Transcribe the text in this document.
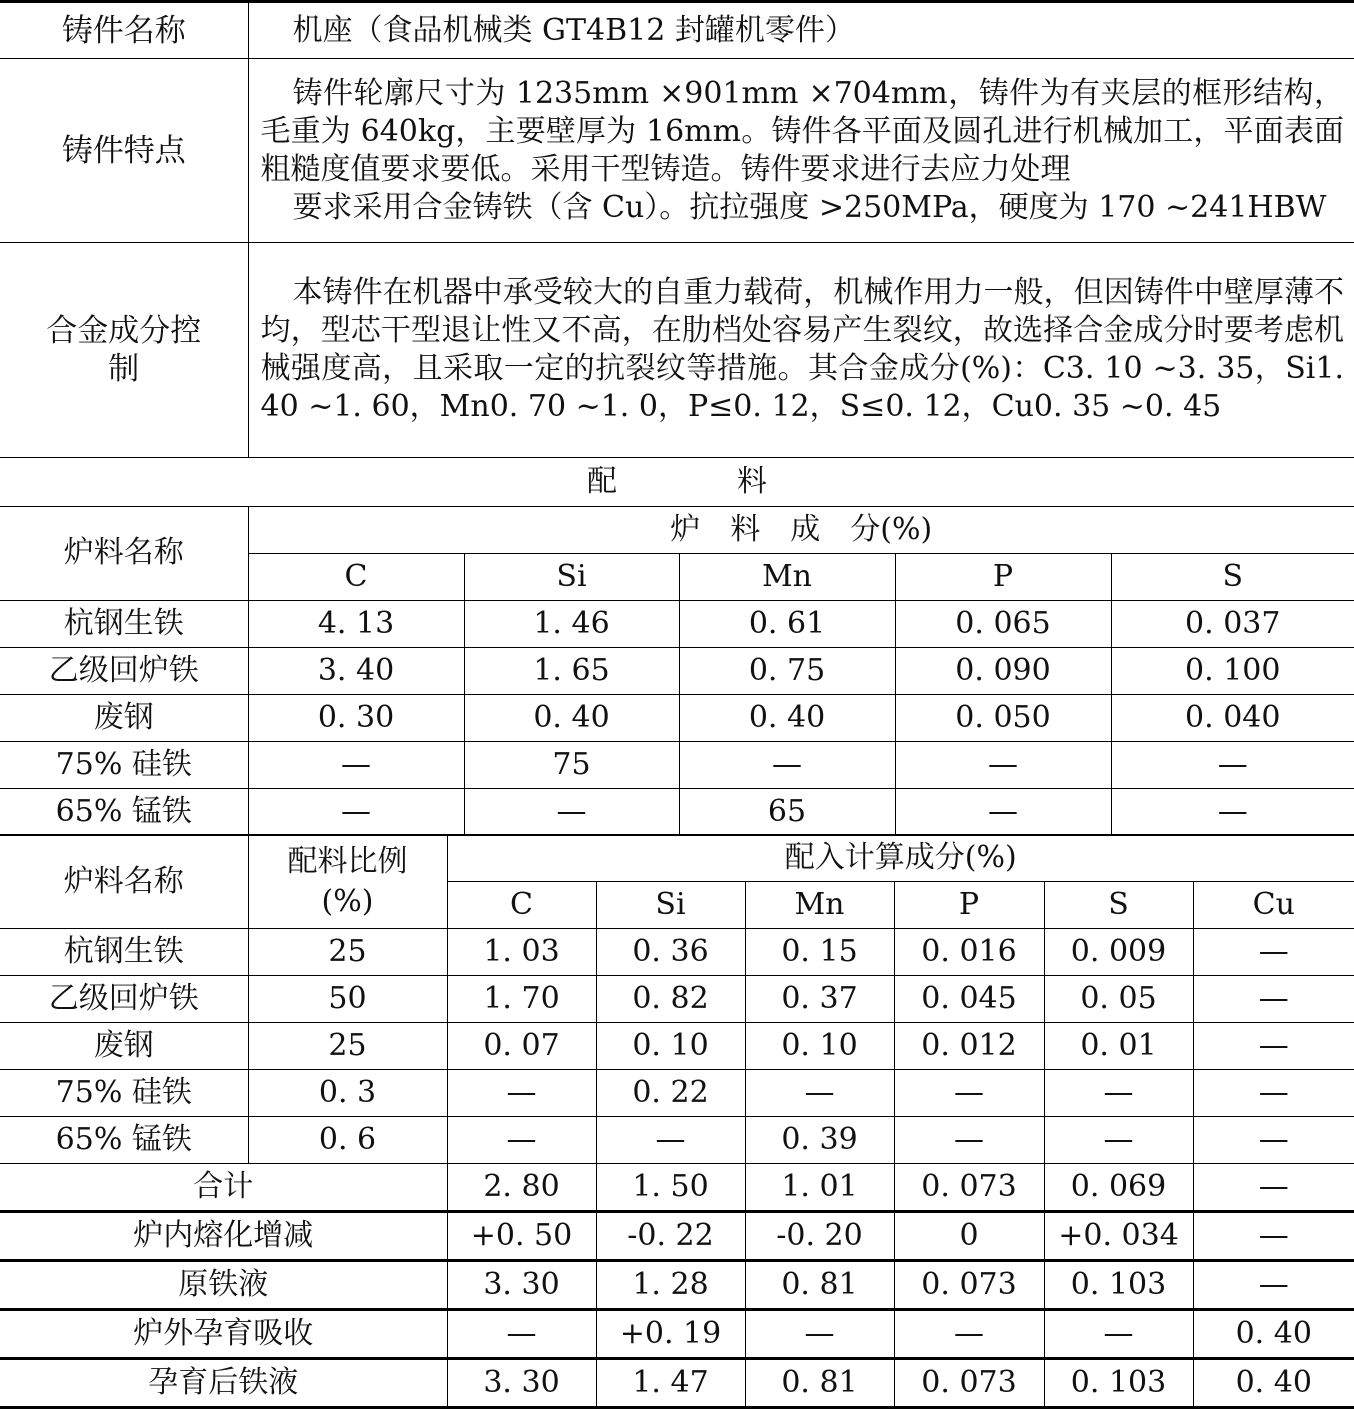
铸件名称	机座（食品机械类 GT4B12 封罐机零件）

铸件特点	铸件轮廓尺寸为 1235mm ×901mm ×704mm，铸件为有夹层的框形结构，毛重为 640kg，主要壁厚为 16mm。铸件各平面及圆孔进行机械加工，平面表面粗糙度值要求要低。采用干型铸造。铸件要求进行去应力处理

要求采用合金铸铁（含 Cu）。抗拉强度 >250MPa，硬度为 170 ~241HBW

合金成分控制	本铸件在机器中承受较大的自重力载荷，机械作用力一般，但因铸件中壁厚薄不均，型芯干型退让性又不高，在肋档处容易产生裂纹，故选择合金成分时要考虑机械强度高，且采取一定的抗裂纹等措施。其合金成分(%)：C3. 10 ~3. 35，Si1. 40 ~1. 60，Mn0. 70 ~1. 0，P≤0. 12，S≤0. 12，Cu0. 35 ~0. 45

配　　　　料	
炉料名称	炉　料　成　分(%)				
	C	Si	Mn	P	S
杭钢生铁	4. 13	1. 46	0. 61	0. 065	0. 037
乙级回炉铁	3. 40	1. 65	0. 75	0. 090	0. 100
废钢	0. 30	0. 40	0. 40	0. 050	0. 040
75% 硅铁	—	75	—	—	—
65% 锰铁	—	—	65	—	—
炉料名称	配料比例(%)	配入计算成分(%)					
		C	Si	Mn	P	S	Cu
杭钢生铁	25	1. 03	0. 36	0. 15	0. 016	0. 009	—
乙级回炉铁	50	1. 70	0. 82	0. 37	0. 045	0. 05	—
废钢	25	0. 07	0. 10	0. 10	0. 012	0. 01	—
75% 硅铁	0. 3	—	0. 22	—	—	—	—
65% 锰铁	0. 6	—	—	0. 39	—	—	—
合计		2. 80	1. 50	1. 01	0. 073	0. 069	—
炉内熔化增减		+0. 50	-0. 22	-0. 20	0	+0. 034	—
原铁液		3. 30	1. 28	0. 81	0. 073	0. 103	—
炉外孕育吸收		—	+0. 19	—	—	—	0. 40
孕育后铁液		3. 30	1. 47	0. 81	0. 073	0. 103	0. 40
